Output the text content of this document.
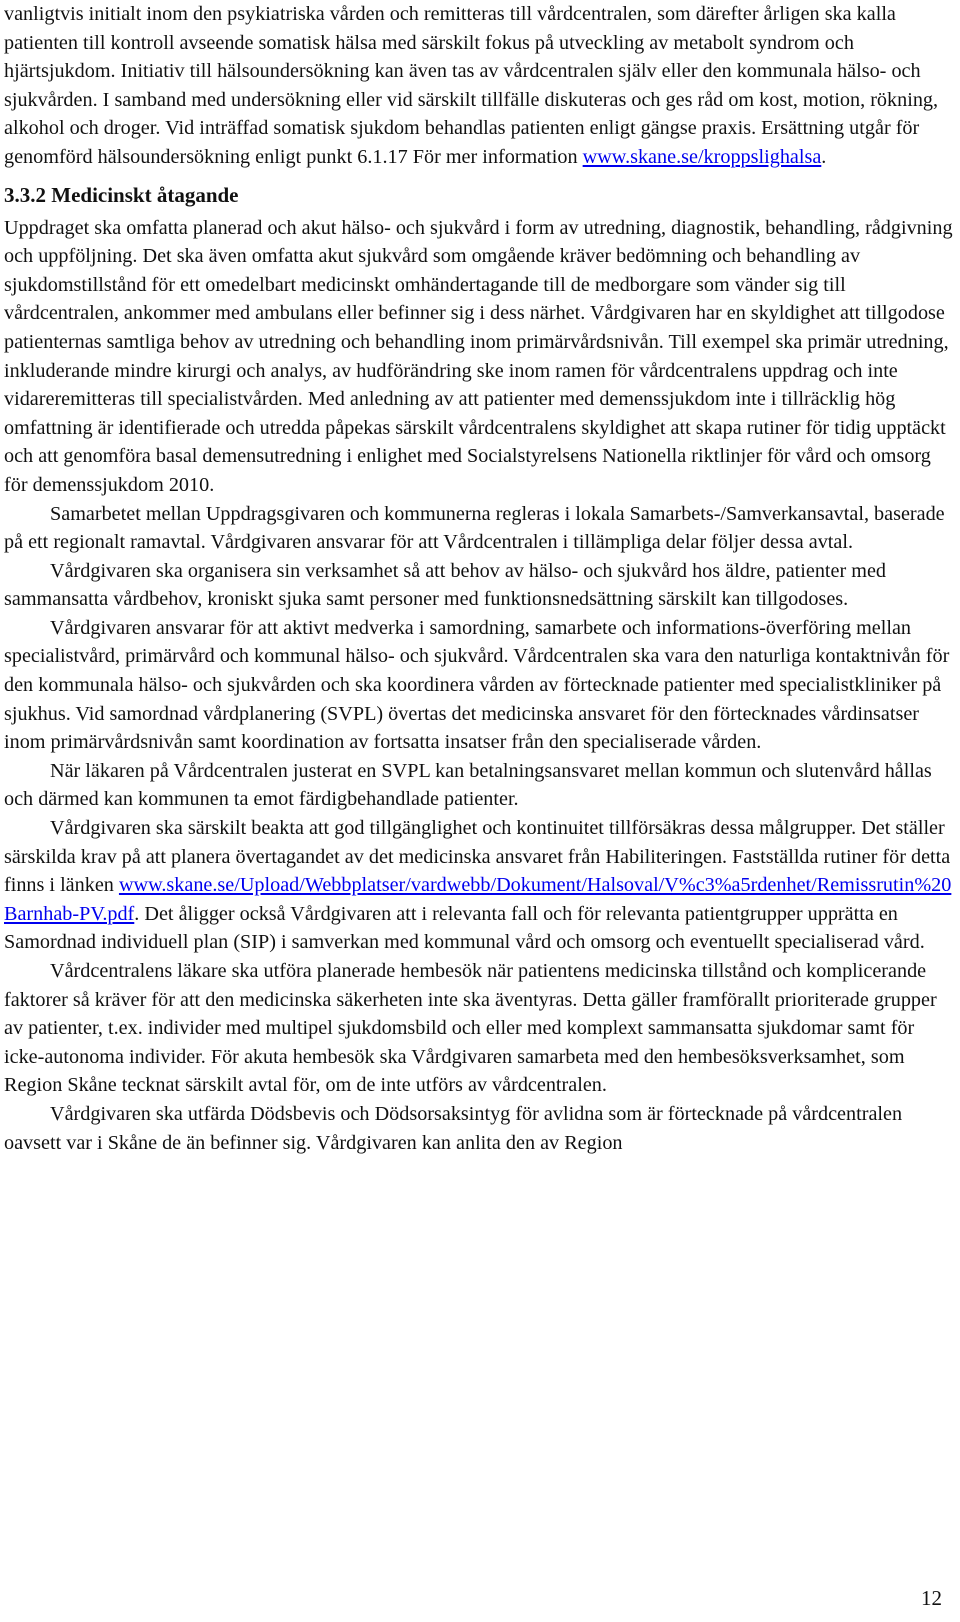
vanligtvis initialt inom den psykiatriska vården och remitteras till vårdcentralen, som därefter årligen ska kalla patienten till kontroll avseende somatisk hälsa med särskilt fokus på utveckling av metabolt syndrom och hjärtsjukdom. Initiativ till hälsoundersökning kan även tas av vårdcentralen själv eller den kommunala hälso- och sjukvården. I samband med undersökning eller vid särskilt tillfälle diskuteras och ges råd om kost, motion, rökning, alkohol och droger. Vid inträffad somatisk sjukdom behandlas patienten enligt gängse praxis. Ersättning utgår för genomförd hälsoundersökning enligt punkt 6.1.17 För mer information www.skane.se/kroppslighalsa.

3.3.2 Medicinskt åtagande

Uppdraget ska omfatta planerad och akut hälso- och sjukvård i form av utredning, diagnostik, behandling, rådgivning och uppföljning. Det ska även omfatta akut sjukvård som omgående kräver bedömning och behandling av sjukdomstillstånd för ett omedelbart medicinskt omhändertagande till de medborgare som vänder sig till vårdcentralen, ankommer med ambulans eller befinner sig i dess närhet. Vårdgivaren har en skyldighet att tillgodose patienternas samtliga behov av utredning och behandling inom primärvårdsnivån. Till exempel ska primär utredning, inkluderande mindre kirurgi och analys, av hudförändring ske inom ramen för vårdcentralens uppdrag och inte vidareremitteras till specialistvården. Med anledning av att patienter med demenssjukdom inte i tillräcklig hög omfattning är identifierade och utredda påpekas särskilt vårdcentralens skyldighet att skapa rutiner för tidig upptäckt och att genomföra basal demensutredning i enlighet med Socialstyrelsens Nationella riktlinjer för vård och omsorg för demenssjukdom 2010.

Samarbetet mellan Uppdragsgivaren och kommunerna regleras i lokala Samarbets-/Samverkansavtal, baserade på ett regionalt ramavtal. Vårdgivaren ansvarar för att Vårdcentralen i tillämpliga delar följer dessa avtal.

Vårdgivaren ska organisera sin verksamhet så att behov av hälso- och sjukvård hos äldre, patienter med sammansatta vårdbehov, kroniskt sjuka samt personer med funktionsnedsättning särskilt kan tillgodoses.

Vårdgivaren ansvarar för att aktivt medverka i samordning, samarbete och informations-överföring mellan specialistvård, primärvård och kommunal hälso- och sjukvård. Vårdcentralen ska vara den naturliga kontaktnivån för den kommunala hälso- och sjukvården och ska koordinera vården av förtecknade patienter med specialistkliniker på sjukhus. Vid samordnad vårdplanering (SVPL) övertas det medicinska ansvaret för den förtecknades vårdinsatser inom primärvårdsnivån samt koordination av fortsatta insatser från den specialiserade vården.

När läkaren på Vårdcentralen justerat en SVPL kan betalningsansvaret mellan kommun och slutenvård hållas och därmed kan kommunen ta emot färdigbehandlade patienter.

Vårdgivaren ska särskilt beakta att god tillgänglighet och kontinuitet tillförsäkras dessa målgrupper. Det ställer särskilda krav på att planera övertagandet av det medicinska ansvaret från Habiliteringen. Fastställda rutiner för detta finns i länken www.skane.se/Upload/Webbplatser/vardwebb/Dokument/Halsoval/V%c3%a5rdenhet/Remissrutin%20Barnhab-PV.pdf. Det åligger också Vårdgivaren att i relevanta fall och för relevanta patientgrupper upprätta en Samordnad individuell plan (SIP) i samverkan med kommunal vård och omsorg och eventuellt specialiserad vård.

Vårdcentralens läkare ska utföra planerade hembesök när patientens medicinska tillstånd och komplicerande faktorer så kräver för att den medicinska säkerheten inte ska äventyras. Detta gäller framförallt prioriterade grupper av patienter, t.ex. individer med multipel sjukdomsbild och eller med komplext sammansatta sjukdomar samt för icke-autonoma individer. För akuta hembesök ska Vårdgivaren samarbeta med den hembesöksverksamhet, som Region Skåne tecknat särskilt avtal för, om de inte utförs av vårdcentralen.

Vårdgivaren ska utfärda Dödsbevis och Dödsorsaksintyg för avlidna som är förtecknade på vårdcentralen oavsett var i Skåne de än befinner sig. Vårdgivaren kan anlita den av Region

12
